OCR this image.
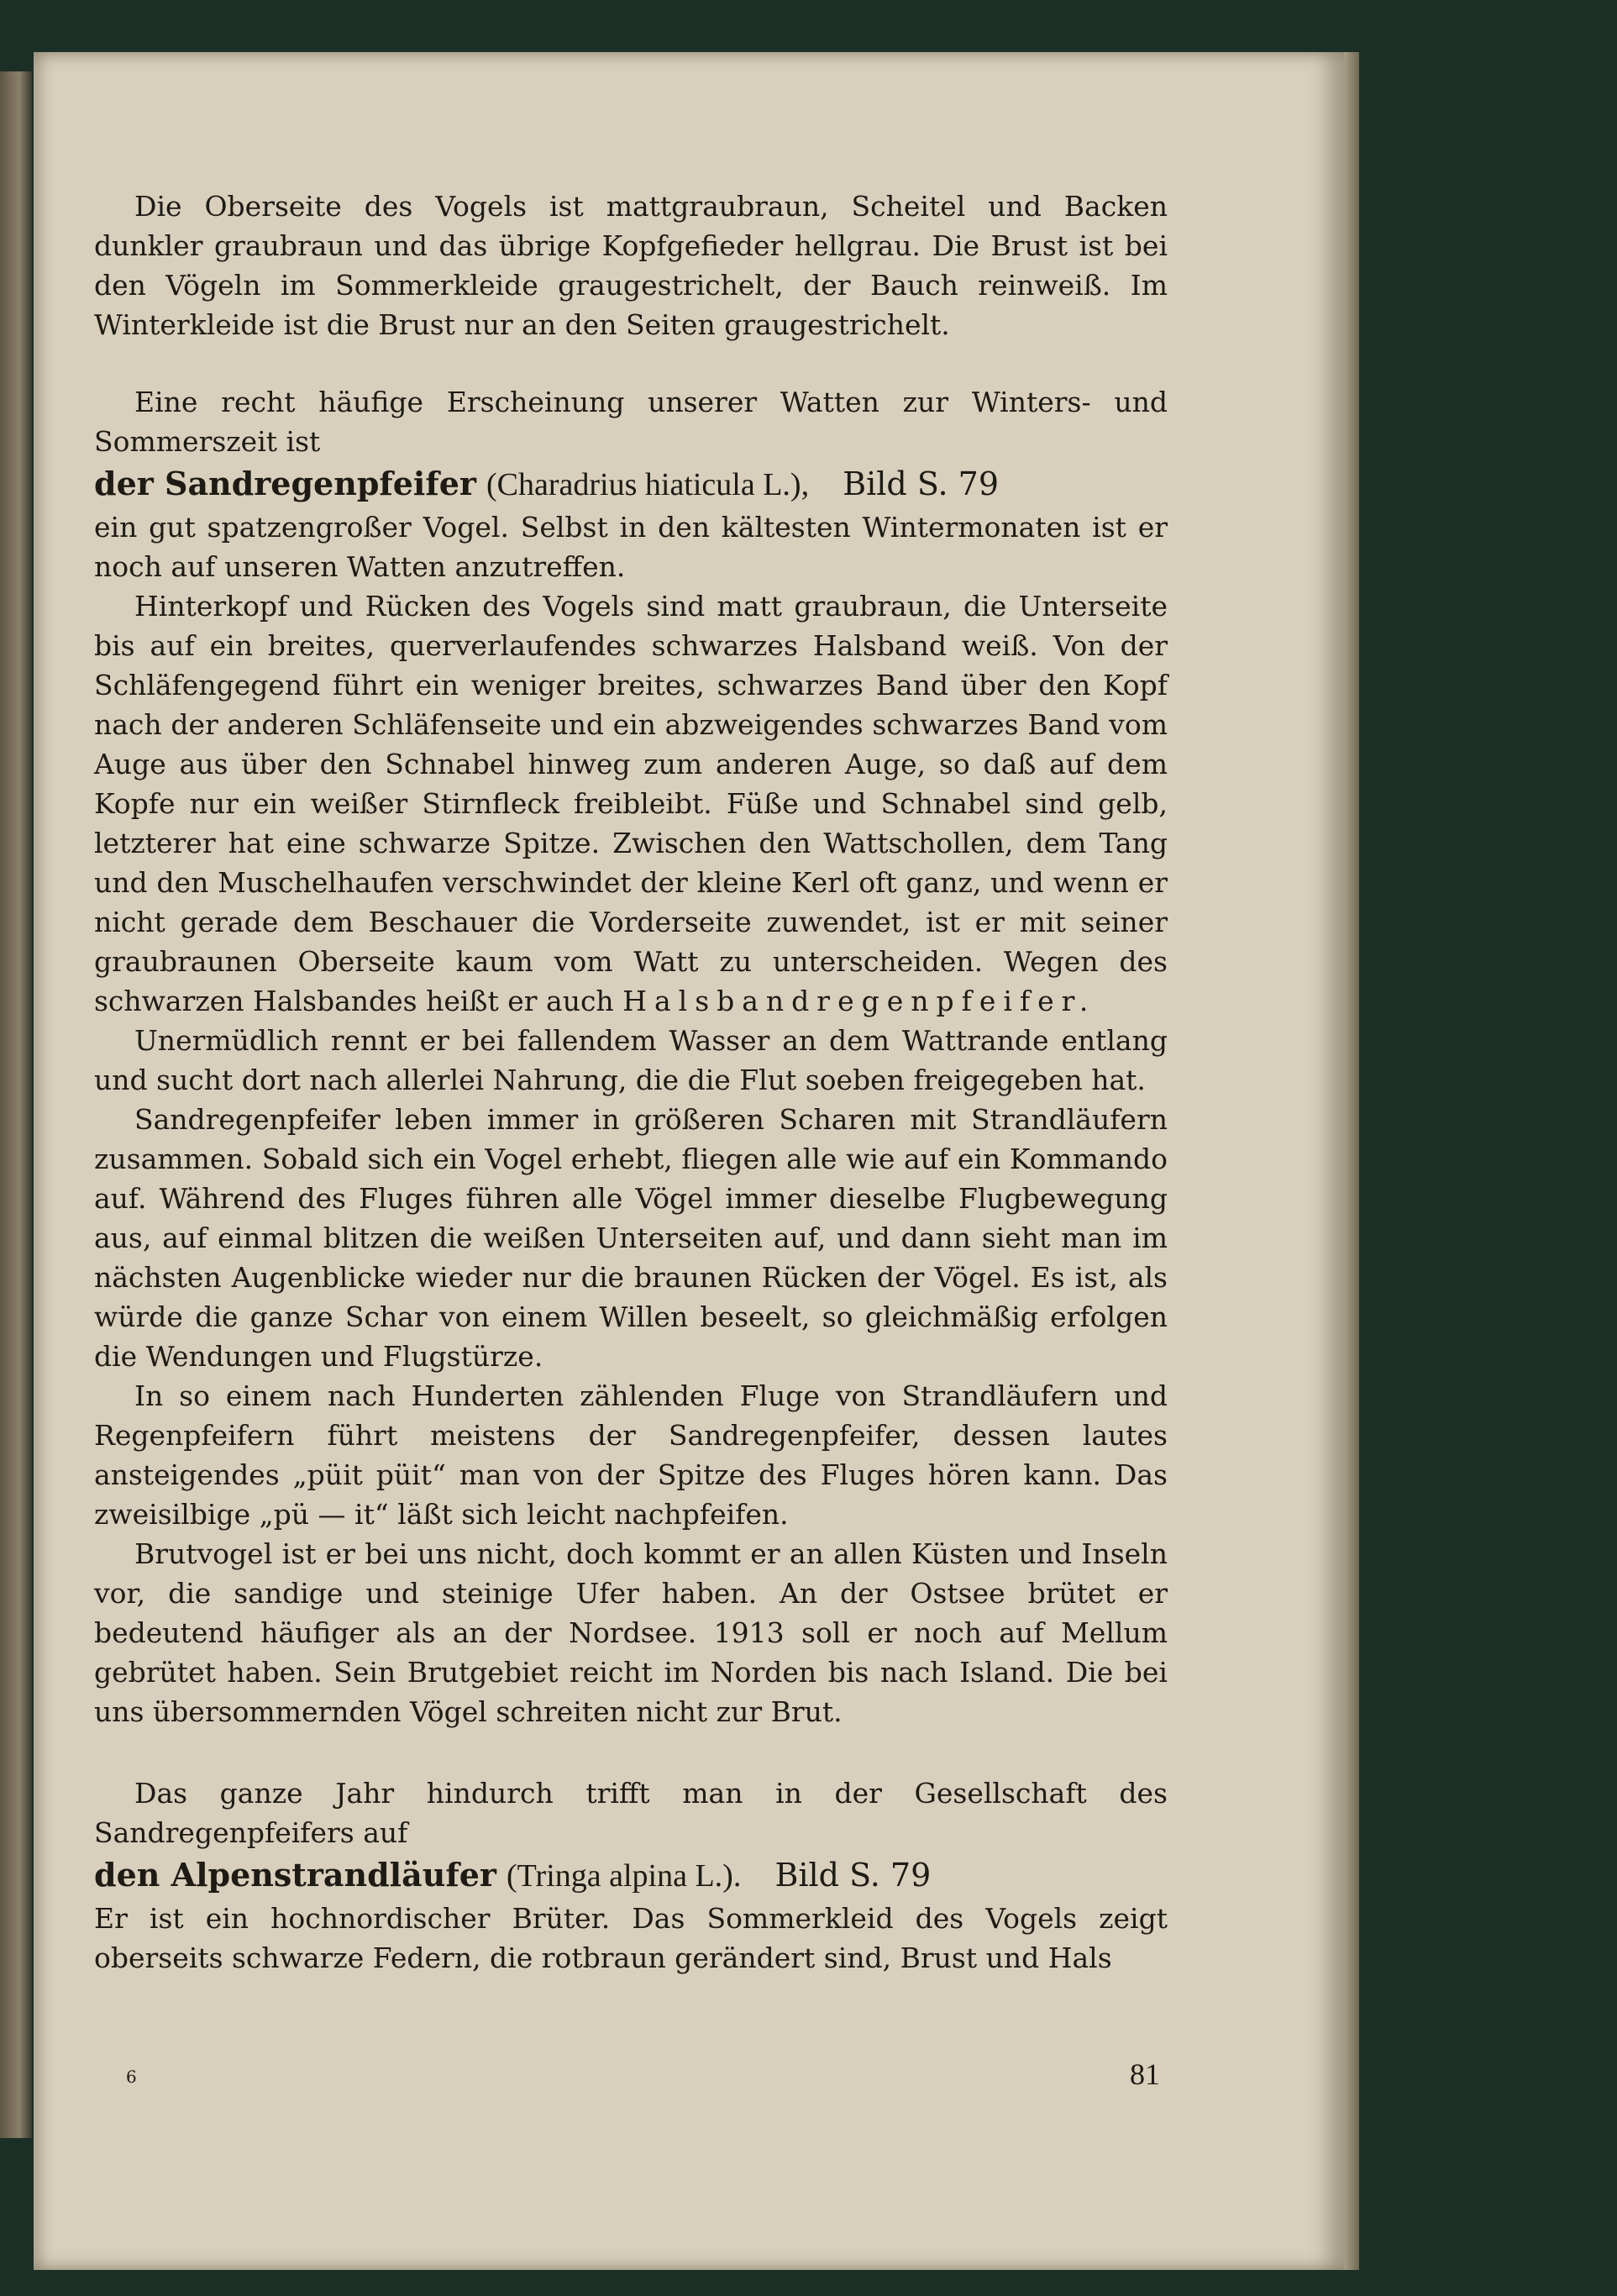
Die Oberseite des Vogels ist mattgraubraun, Scheitel und Backen dunkler graubraun und das übrige Kopfgefieder hellgrau. Die Brust ist bei den Vögeln im Sommerkleide graugestrichelt, der Bauch reinweiß. Im Winterkleide ist die Brust nur an den Seiten graugestrichelt.

Eine recht häufige Erscheinung unserer Watten zur Winters- und Sommerszeit ist

der Sandregenpfeifer (Charadrius hiaticula L.), Bild S. 79

ein gut spatzengroßer Vogel. Selbst in den kältesten Wintermonaten ist er noch auf unseren Watten anzutreffen.

Hinterkopf und Rücken des Vogels sind matt graubraun, die Unterseite bis auf ein breites, querverlaufendes schwarzes Halsband weiß. Von der Schläfengegend führt ein weniger breites, schwarzes Band über den Kopf nach der anderen Schläfenseite und ein abzweigendes schwarzes Band vom Auge aus über den Schnabel hinweg zum anderen Auge, so daß auf dem Kopfe nur ein weißer Stirnfleck freibleibt. Füße und Schnabel sind gelb, letzterer hat eine schwarze Spitze. Zwischen den Wattschollen, dem Tang und den Muschelhaufen verschwindet der kleine Kerl oft ganz, und wenn er nicht gerade dem Beschauer die Vorderseite zuwendet, ist er mit seiner graubraunen Oberseite kaum vom Watt zu unterscheiden. Wegen des schwarzen Halsbandes heißt er auch Halsbandregenpfeifer.

Unermüdlich rennt er bei fallendem Wasser an dem Wattrande entlang und sucht dort nach allerlei Nahrung, die die Flut soeben freigegeben hat.

Sandregenpfeifer leben immer in größeren Scharen mit Strandläufern zusammen. Sobald sich ein Vogel erhebt, fliegen alle wie auf ein Kommando auf. Während des Fluges führen alle Vögel immer dieselbe Flugbewegung aus, auf einmal blitzen die weißen Unterseiten auf, und dann sieht man im nächsten Augenblicke wieder nur die braunen Rücken der Vögel. Es ist, als würde die ganze Schar von einem Willen beseelt, so gleichmäßig erfolgen die Wendungen und Flugstürze.

In so einem nach Hunderten zählenden Fluge von Strandläufern und Regenpfeifern führt meistens der Sandregenpfeifer, dessen lautes ansteigendes „püit püit“ man von der Spitze des Fluges hören kann. Das zweisilbige „pü — it“ läßt sich leicht nachpfeifen.

Brutvogel ist er bei uns nicht, doch kommt er an allen Küsten und Inseln vor, die sandige und steinige Ufer haben. An der Ostsee brütet er bedeutend häufiger als an der Nordsee. 1913 soll er noch auf Mellum gebrütet haben. Sein Brutgebiet reicht im Norden bis nach Island. Die bei uns übersommernden Vögel schreiten nicht zur Brut.

Das ganze Jahr hindurch trifft man in der Gesellschaft des Sandregenpfeifers auf

den Alpenstrandläufer (Tringa alpina L.). Bild S. 79

Er ist ein hochnordischer Brüter. Das Sommerkleid des Vogels zeigt oberseits schwarze Federn, die rotbraun gerändert sind, Brust und Hals

6	81
